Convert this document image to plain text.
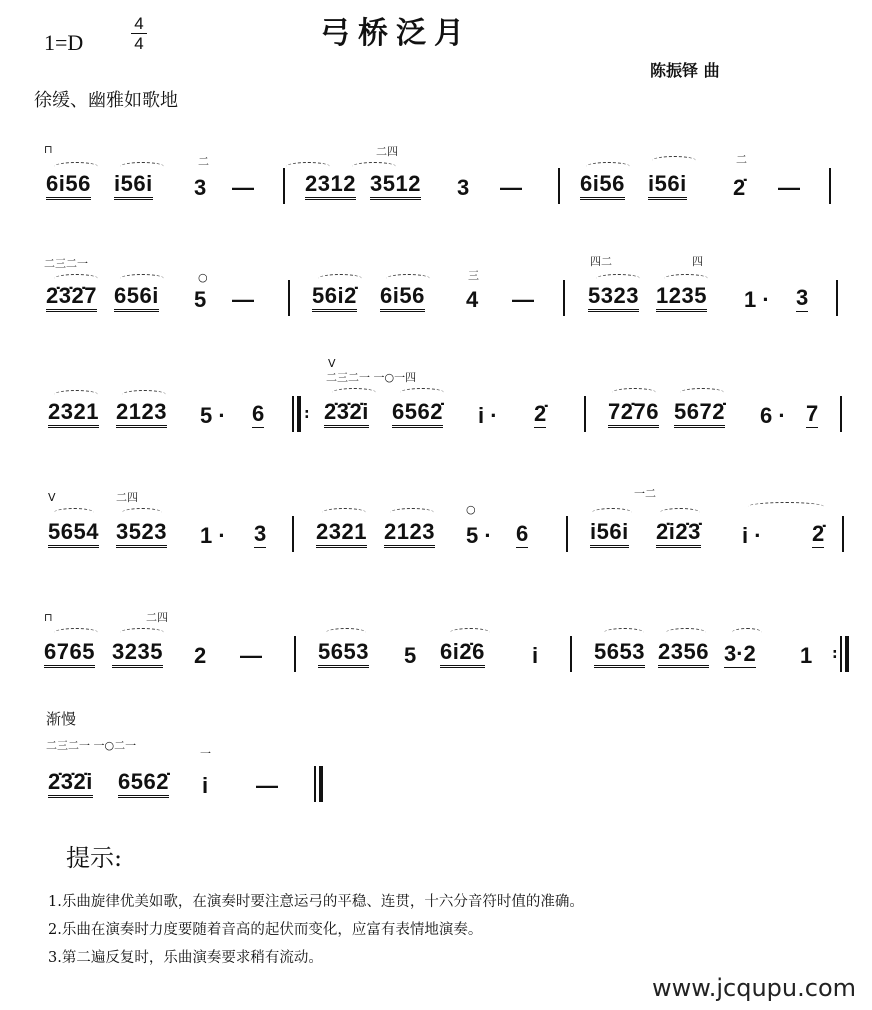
1=D
4
4	弓桥泛月
陈振铎 曲
徐缓、幽雅如歌地
⊓
二
二四
二
6i56 i56i 3 — 2312 3512 3 —	6i56 i56i 2̇ —
二三二一
○	三
四二	四
2̇3̇2̇7 656i 5 —	56i2̇ 6i56 4 — 5323 1235 1 · 3
V
二三二一 一○一四
2321 2123 5 · 6	: 2̇3̇2̇i 6562̇ i · 2̇	72̇76 5672̇ 6 · 7
V	二四
○
一二
5654 3523 1 · 3 2321 2123 5 · 6	i56i 2̇i2̇3̇ i · 2̇
⊓	二四
6765 3235 2 —	5653 5 6i2̇6 i	5653 2356 3·2 1 :
渐慢
二三二一 一○二一
一
2̇3̇2̇i 6562̇ i —
提示:
1.乐曲旋律优美如歌，在演奏时要注意运弓的平稳、连贯，十六分音符时值的准确。
2.乐曲在演奏时力度要随着音高的起伏而变化，应富有表情地演奏。
3.第二遍反复时，乐曲演奏要求稍有流动。
www.jcqupu.com
